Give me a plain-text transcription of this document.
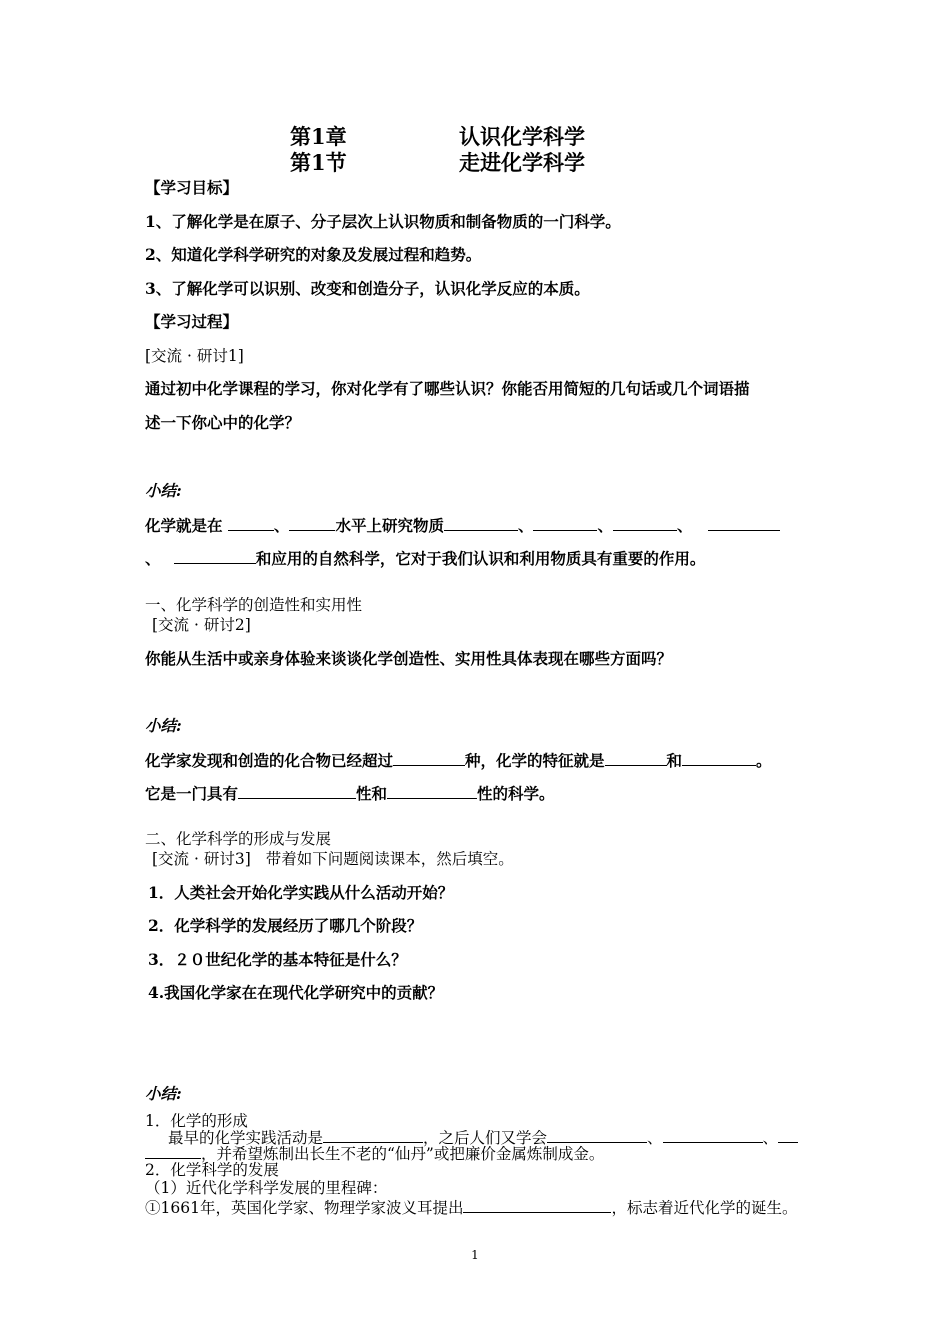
第1章	认识化学科学
第1节	走进化学科学
【学习目标】
1、了解化学是在原子、分子层次上认识物质和制备物质的一门科学。
2、知道化学科学研究的对象及发展过程和趋势。
3、了解化学可以识别、改变和创造分子，认识化学反应的本质。
【学习过程】
[交流 · 研讨1]
通过初中化学课程的学习，你对化学有了哪些认识？你能否用简短的几句话或几个词语描
述一下你心中的化学？
小结:
化学就是在	、	水平上研究物质	、	、	、
、	和应用的自然科学，它对于我们认识和利用物质具有重要的作用。
一、化学科学的创造性和实用性
[交流 · 研讨2]
你能从生活中或亲身体验来谈谈化学创造性、实用性具体表现在哪些方面吗？
小结:
化学家发现和创造的化合物已经超过	种，化学的特征就是	和	。
它是一门具有	性和	性的科学。
二、化学科学的形成与发展
[交流 · 研讨3] 带着如下问题阅读课本，然后填空。
1．人类社会开始化学实践从什么活动开始？
2．化学科学的发展经历了哪几个阶段？
3．２０世纪化学的基本特征是什么？
4.我国化学家在在现代化学研究中的贡献？
小结:
1．化学的形成
最早的化学实践活动是	，之后人们又学会	、	、
，并希望炼制出长生不老的“仙丹”或把廉价金属炼制成金。
2．化学科学的发展
（1）近代化学科学发展的里程碑：
①1661年，英国化学家、物理学家波义耳提出	，标志着近代化学的诞生。
1
